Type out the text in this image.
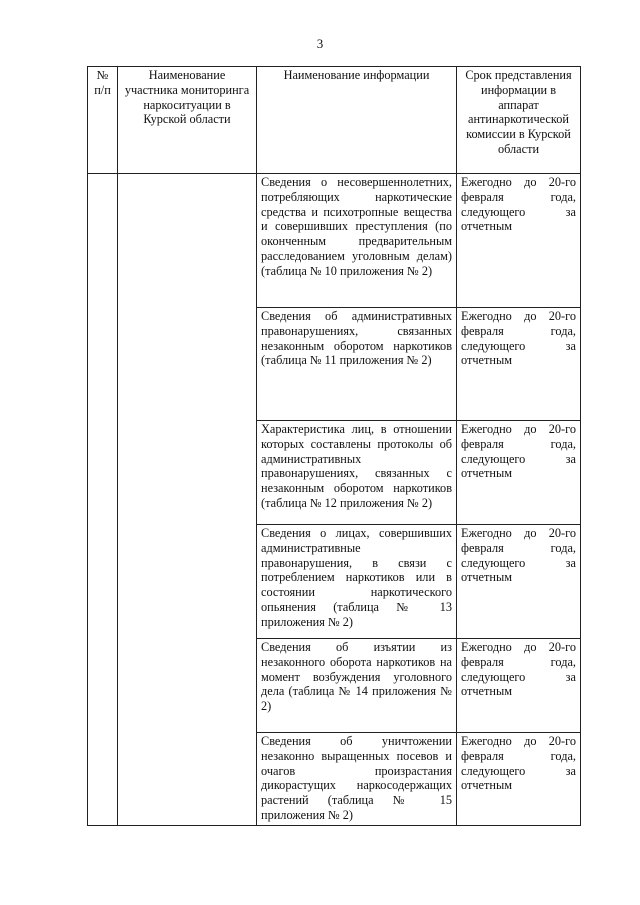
3
№ п/п	Наименование участника мониторинга наркоситуации в Курской области	Наименование информации	Срок представления информации в аппарат антинаркотической комиссии в Курской области
		Сведения о несовершеннолетних, потребляющих наркотические средства и психотропные вещества и совершивших преступления (по оконченным предварительным расследованием уголовным делам) (таблица № 10 приложения № 2)	Ежегодно до 20-го февраля года, следующего за отчетным
		Сведения об административных правонарушениях, связанных незаконным оборотом наркотиков (таблица № 11 приложения № 2)	Ежегодно до 20-го февраля года, следующего за отчетным
		Характеристика лиц, в отношении которых составлены протоколы об административных правонарушениях, связанных с незаконным оборотом наркотиков (таблица № 12 приложения № 2)	Ежегодно до 20-го февраля года, следующего за отчетным
		Сведения о лицах, совершивших административные правонарушения, в связи с потреблением наркотиков или в состоянии наркотического опьянения (таблица № 13 приложения № 2)	Ежегодно до 20-го февраля года, следующего за отчетным
		Сведения об изъятии из незаконного оборота наркотиков на момент возбуждения уголовного дела (таблица № 14 приложения № 2)	Ежегодно до 20-го февраля года, следующего за отчетным
		Сведения об уничтожении незаконно выращенных посевов и очагов произрастания дикорастущих наркосодержащих растений (таблица № 15 приложения № 2)	Ежегодно до 20-го февраля года, следующего за отчетным
